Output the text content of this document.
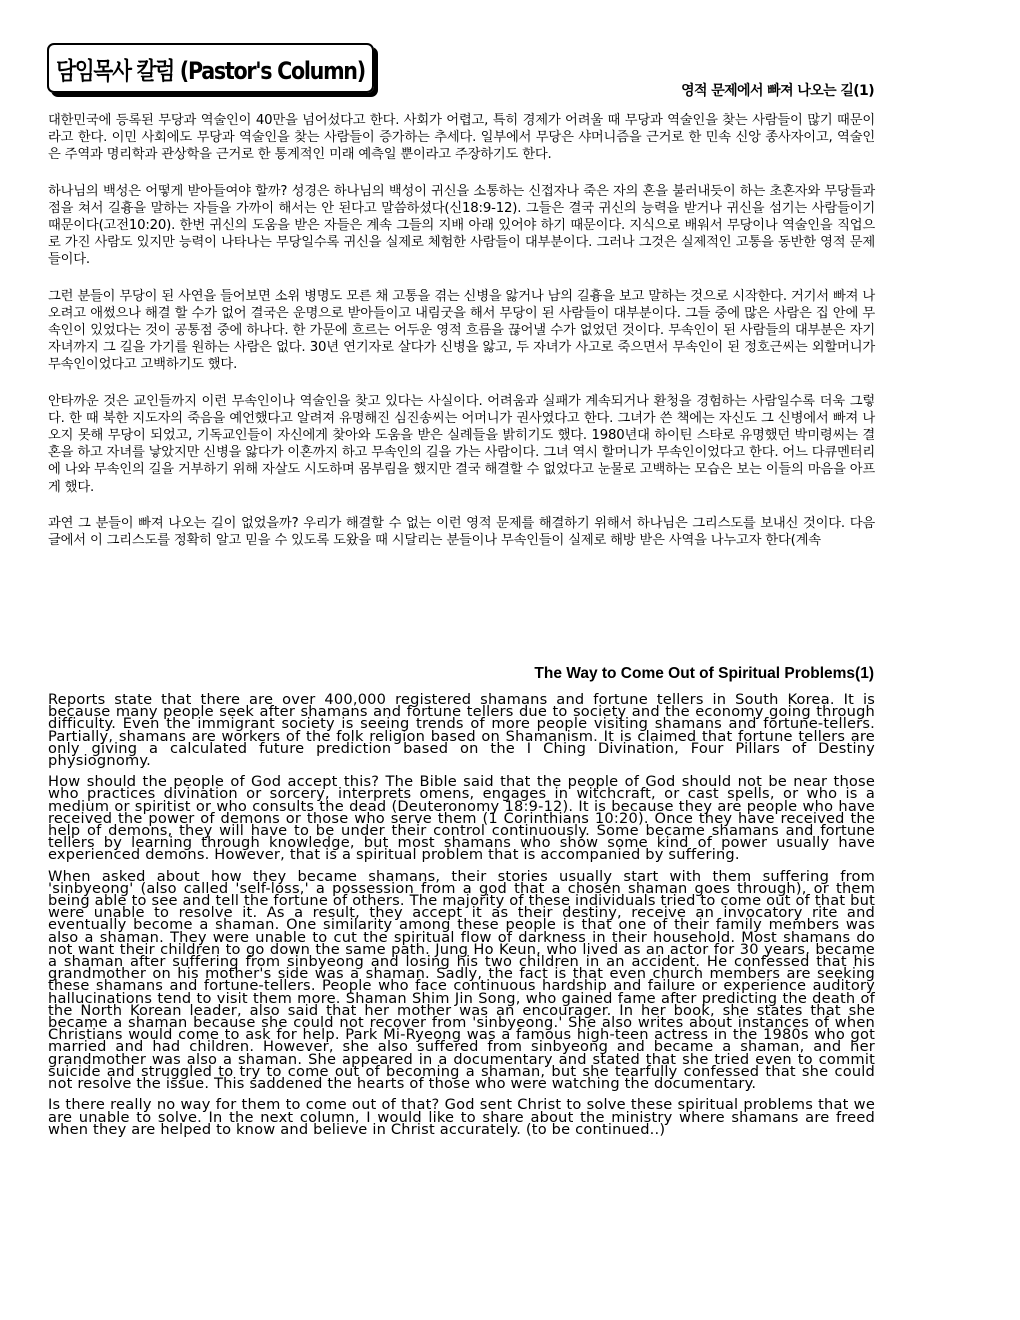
담임목사 칼럼 (Pastor's Column)
영적 문제에서 빠져 나오는 길(1)

대한민국에 등록된 무당과 역술인이 40만을 넘어섰다고 한다. 사회가 어렵고, 특히 경제가 어려울 때 무당과 역술인을 찾는 사람들이 많기 때문이라고 한다. 이민 사회에도 무당과 역술인을 찾는 사람들이 증가하는 추세다. 일부에서 무당은 샤머니즘을 근거로 한 민속 신앙 종사자이고, 역술인은 주역과 명리학과 관상학을 근거로 한 통계적인 미래 예측일 뿐이라고 주장하기도 한다.

하나님의 백성은 어떻게 받아들여야 할까? 성경은 하나님의 백성이 귀신을 소통하는 신접자나 죽은 자의 혼을 불러내듯이 하는 초혼자와 무당들과 점을 쳐서 길흉을 말하는 자들을 가까이 해서는 안 된다고 말씀하셨다(신18:9-12). 그들은 결국 귀신의 능력을 받거나 귀신을 섬기는 사람들이기 때문이다(고전10:20). 한번 귀신의 도움을 받은 자들은 계속 그들의 지배 아래 있어야 하기 때문이다. 지식으로 배워서 무당이나 역술인을 직업으로 가진 사람도 있지만 능력이 나타나는 무당일수록 귀신을 실제로 체험한 사람들이 대부분이다. 그러나 그것은 실제적인 고통을 동반한 영적 문제들이다.

그런 분들이 무당이 된 사연을 들어보면 소위 병명도 모른 채 고통을 겪는 신병을 앓거나 남의 길흉을 보고 말하는 것으로 시작한다. 거기서 빠져 나오려고 애썼으나 해결 할 수가 없어 결국은 운명으로 받아들이고 내림굿을 해서 무당이 된 사람들이 대부분이다. 그들 중에 많은 사람은 집 안에 무속인이 있었다는 것이 공통점 중에 하나다. 한 가문에 흐르는 어두운 영적 흐름을 끊어낼 수가 없었던 것이다. 무속인이 된 사람들의 대부분은 자기 자녀까지 그 길을 가기를 원하는 사람은 없다. 30년 연기자로 살다가 신병을 앓고, 두 자녀가 사고로 죽으면서 무속인이 된 정호근씨는 외할머니가 무속인이었다고 고백하기도 했다.

안타까운 것은 교인들까지 이런 무속인이나 역술인을 찾고 있다는 사실이다. 어려움과 실패가 계속되거나 환청을 경험하는 사람일수록 더욱 그렇다. 한 때 북한 지도자의 죽음을 예언했다고 알려져 유명해진 심진송씨는 어머니가 권사였다고 한다. 그녀가 쓴 책에는 자신도 그 신병에서 빠져 나오지 못해 무당이 되었고, 기독교인들이 자신에게 찾아와 도움을 받은 실례들을 밝히기도 했다. 1980년대 하이틴 스타로 유명했던 박미령씨는 결혼을 하고 자녀를 낳았지만 신병을 앓다가 이혼까지 하고 무속인의 길을 가는 사람이다. 그녀 역시 할머니가 무속인이었다고 한다. 어느 다큐멘터리에 나와 무속인의 길을 거부하기 위해 자살도 시도하며 몸부림을 했지만 결국 해결할 수 없었다고 눈물로 고백하는 모습은 보는 이들의 마음을 아프게 했다.

과연 그 분들이 빠져 나오는 길이 없었을까? 우리가 해결할 수 없는 이런 영적 문제를 해결하기 위해서 하나님은 그리스도를 보내신 것이다. 다음 글에서 이 그리스도를 정확히 알고 믿을 수 있도록 도왔을 때 시달리는 분들이나 무속인들이 실제로 해방 받은 사역을 나누고자 한다(계속

The Way to Come Out of Spiritual Problems(1)

Reports state that there are over 400,000 registered shamans and fortune tellers in South Korea. It is because many people seek after shamans and fortune tellers due to society and the economy going through difficulty. Even the immigrant society is seeing trends of more people visiting shamans and fortune-tellers. Partially, shamans are workers of the folk religion based on Shamanism. It is claimed that fortune tellers are only giving a calculated future prediction based on the I Ching Divination, Four Pillars of Destiny physiognomy.

How should the people of God accept this? The Bible said that the people of God should not be near those who practices divination or sorcery, interprets omens, engages in witchcraft, or cast spells, or who is a medium or spiritist or who consults the dead (Deuteronomy 18:9-12). It is because they are people who have received the power of demons or those who serve them (1 Corinthians 10:20). Once they have received the help of demons, they will have to be under their control continuously. Some became shamans and fortune tellers by learning through knowledge, but most shamans who show some kind of power usually have experienced demons. However, that is a spiritual problem that is accompanied by suffering.

When asked about how they became shamans, their stories usually start with them suffering from 'sinbyeong' (also called 'self-loss,' a possession from a god that a chosen shaman goes through), or them being able to see and tell the fortune of others. The majority of these individuals tried to come out of that but were unable to resolve it. As a result, they accept it as their destiny, receive an invocatory rite and eventually become a shaman. One similarity among these people is that one of their family members was also a shaman. They were unable to cut the spiritual flow of darkness in their household. Most shamans do not want their children to go down the same path. Jung Ho Keun, who lived as an actor for 30 years, became a shaman after suffering from sinbyeong and losing his two children in an accident. He confessed that his grandmother on his mother's side was a shaman. Sadly, the fact is that even church members are seeking these shamans and fortune-tellers. People who face continuous hardship and failure or experience auditory hallucinations tend to visit them more. Shaman Shim Jin Song, who gained fame after predicting the death of the North Korean leader, also said that her mother was an encourager. In her book, she states that she became a shaman because she could not recover from 'sinbyeong.' She also writes about instances of when Christians would come to ask for help. Park Mi-Ryeong was a famous high-teen actress in the 1980s who got married and had children. However, she also suffered from sinbyeong and became a shaman, and her grandmother was also a shaman. She appeared in a documentary and stated that she tried even to commit suicide and struggled to try to come out of becoming a shaman, but she tearfully confessed that she could not resolve the issue. This saddened the hearts of those who were watching the documentary.

Is there really no way for them to come out of that? God sent Christ to solve these spiritual problems that we are unable to solve. In the next column, I would like to share about the ministry where shamans are freed when they are helped to know and believe in Christ accurately. (to be continued..)
